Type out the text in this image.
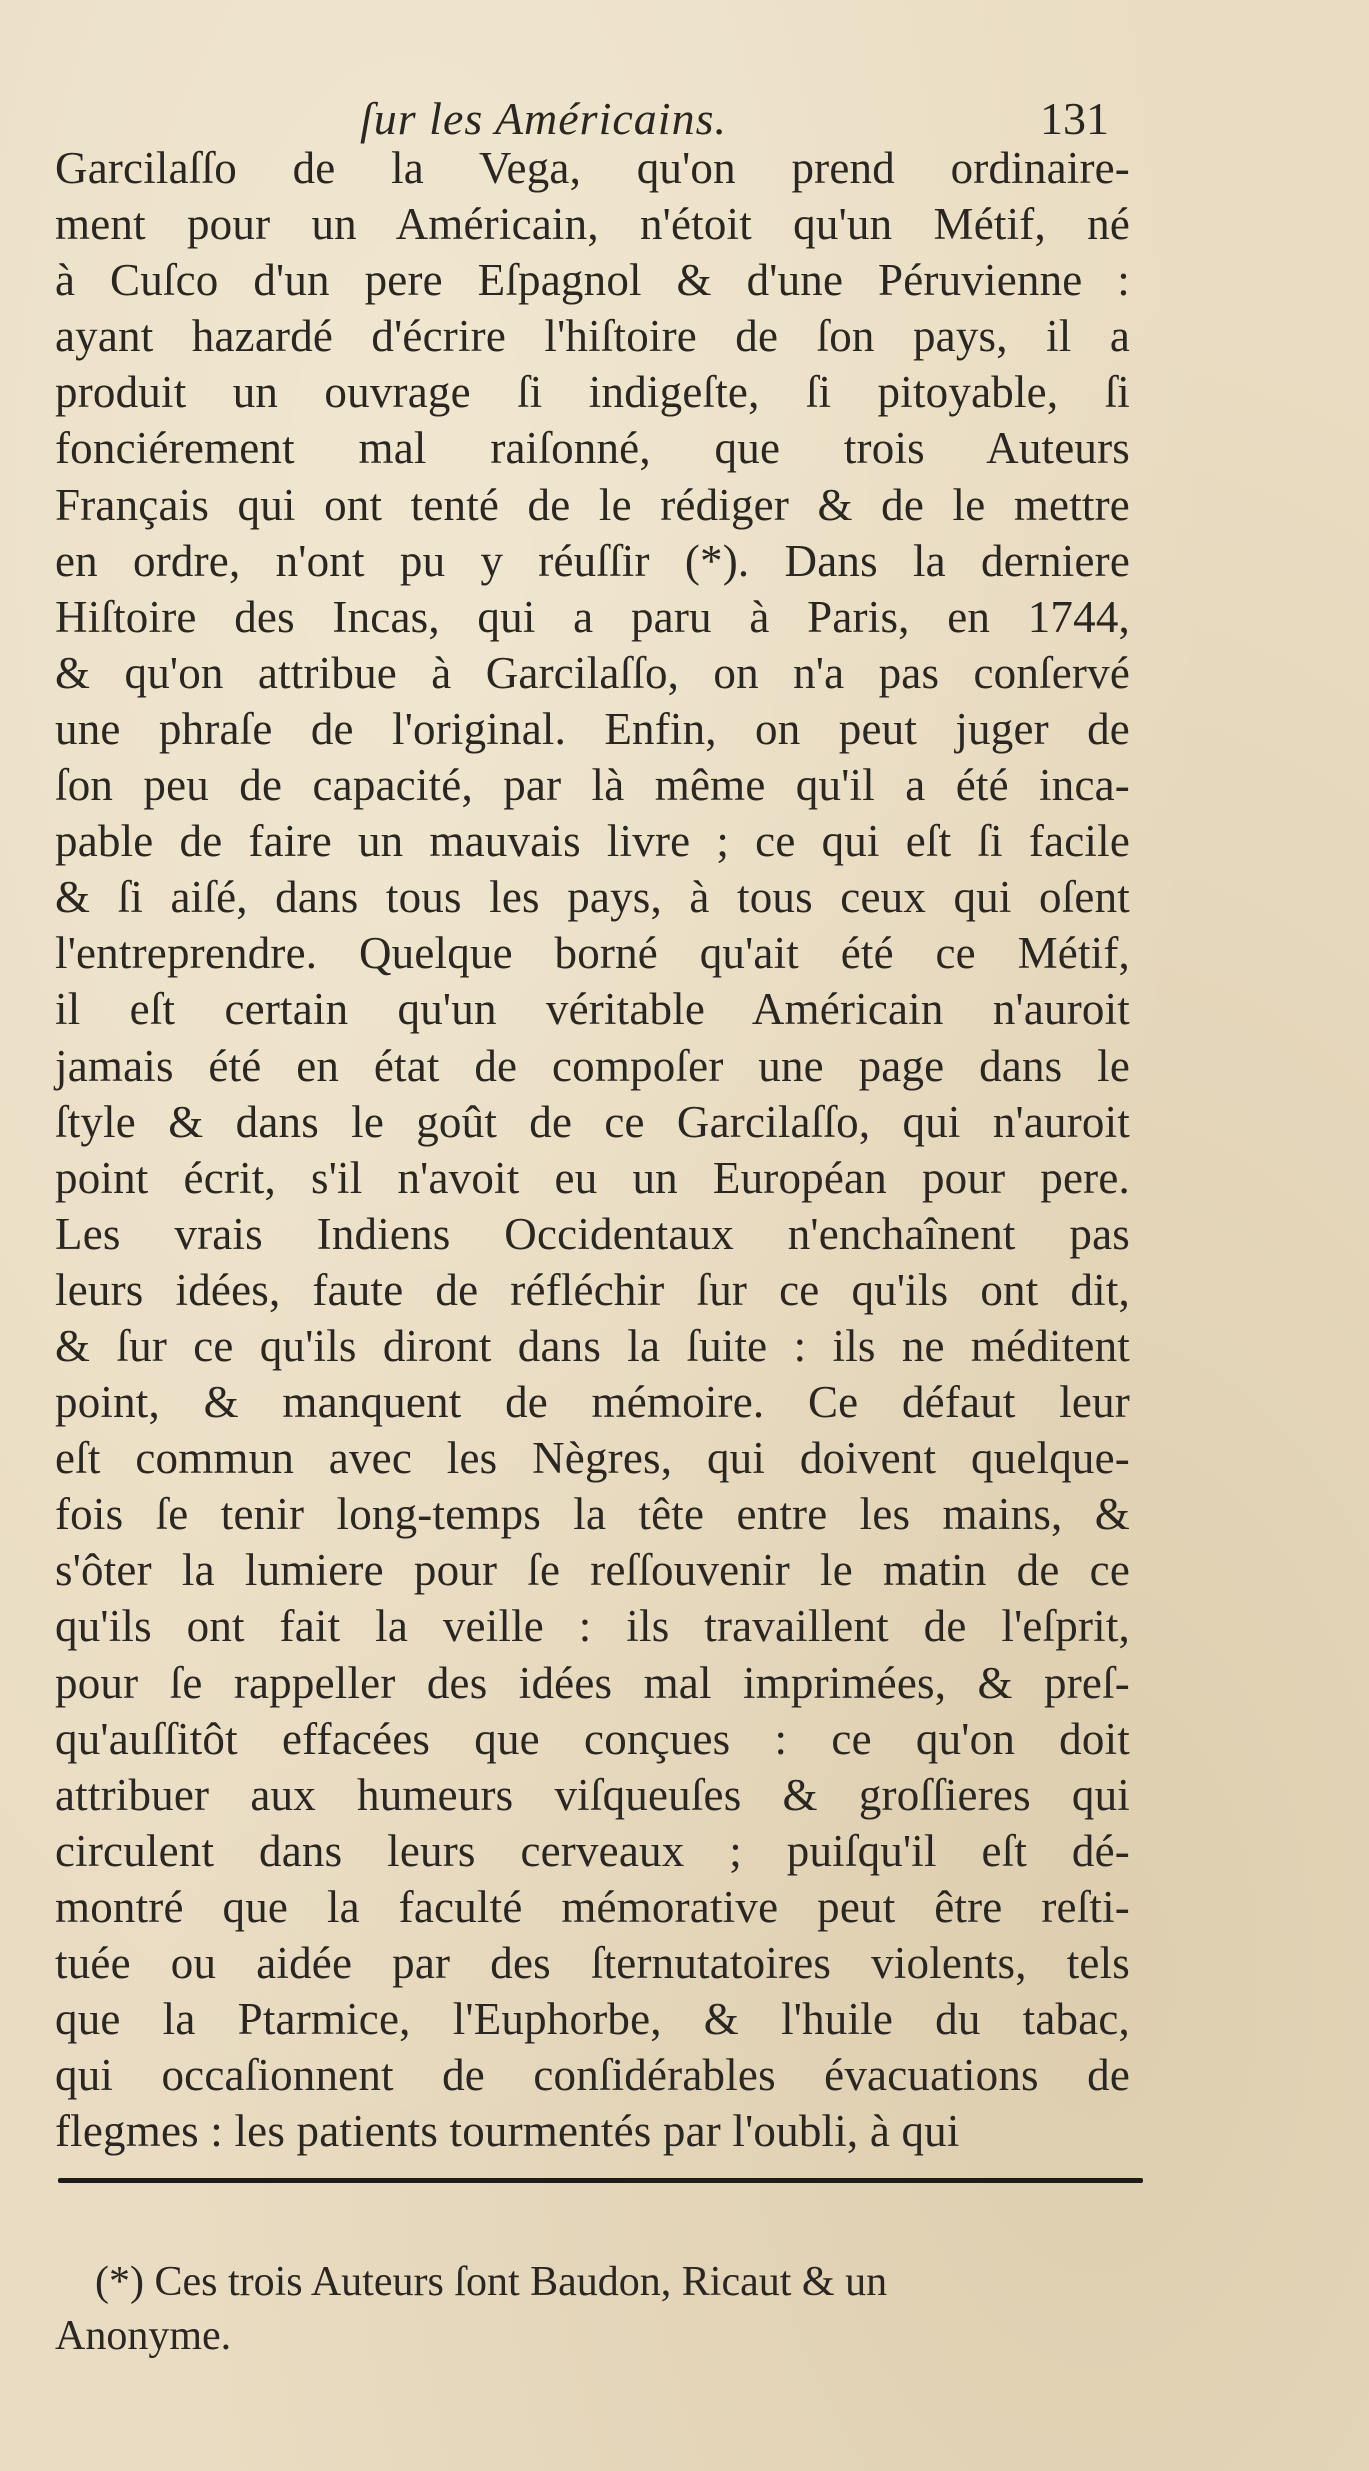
ſur les Américains.	131
Garcilaſſo de la Vega, qu'on prend ordinaire-
ment pour un Américain, n'étoit qu'un Métif, né
à Cuſco d'un pere Eſpagnol & d'une Péruvienne :
ayant hazardé d'écrire l'hiſtoire de ſon pays, il a
produit un ouvrage ſi indigeſte, ſi pitoyable, ſi
fonciérement mal raiſonné, que trois Auteurs
Français qui ont tenté de le rédiger & de le mettre
en ordre, n'ont pu y réuſſir (*). Dans la derniere
Hiſtoire des Incas, qui a paru à Paris, en 1744,
& qu'on attribue à Garcilaſſo, on n'a pas conſervé
une phraſe de l'original. Enfin, on peut juger de
ſon peu de capacité, par là même qu'il a été inca-
pable de faire un mauvais livre ; ce qui eſt ſi facile
& ſi aiſé, dans tous les pays, à tous ceux qui oſent
l'entreprendre. Quelque borné qu'ait été ce Métif,
il eſt certain qu'un véritable Américain n'auroit
jamais été en état de compoſer une page dans le
ſtyle & dans le goût de ce Garcilaſſo, qui n'auroit
point écrit, s'il n'avoit eu un Européan pour pere.
Les vrais Indiens Occidentaux n'enchaînent pas
leurs idées, faute de réfléchir ſur ce qu'ils ont dit,
& ſur ce qu'ils diront dans la ſuite : ils ne méditent
point, & manquent de mémoire. Ce défaut leur
eſt commun avec les Nègres, qui doivent quelque-
fois ſe tenir long-temps la tête entre les mains, &
s'ôter la lumiere pour ſe reſſouvenir le matin de ce
qu'ils ont fait la veille : ils travaillent de l'eſprit,
pour ſe rappeller des idées mal imprimées, & preſ-
qu'auſſitôt effacées que conçues : ce qu'on doit
attribuer aux humeurs viſqueuſes & groſſieres qui
circulent dans leurs cerveaux ; puiſqu'il eſt dé-
montré que la faculté mémorative peut être reſti-
tuée ou aidée par des ſternutatoires violents, tels
que la Ptarmice, l'Euphorbe, & l'huile du tabac,
qui occaſionnent de conſidérables évacuations de
flegmes : les patients tourmentés par l'oubli, à qui
(*) Ces trois Auteurs ſont Baudon, Ricaut & un
Anonyme.
